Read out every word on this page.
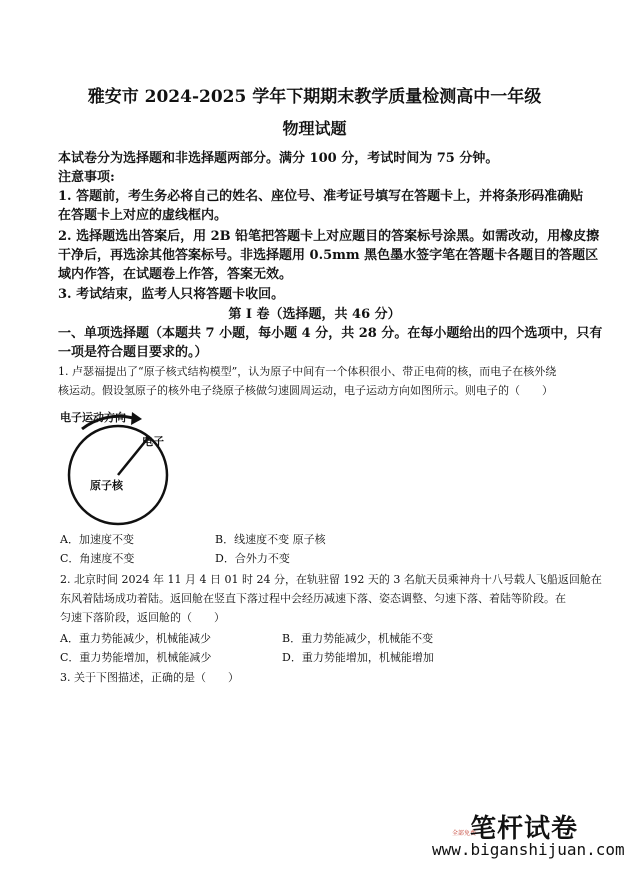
雅安市 2024-2025 学年下期期末教学质量检测高中一年级
物理试题
本试卷分为选择题和非选择题两部分。满分 100 分，考试时间为 75 分钟。
注意事项:
1. 答题前，考生务必将自己的姓名、座位号、准考证号填写在答题卡上，并将条形码准确贴
在答题卡上对应的虚线框内。
2. 选择题选出答案后，用 2B 铅笔把答题卡上对应题目的答案标号涂黑。如需改动，用橡皮擦
干净后，再选涂其他答案标号。非选择题用 0.5mm 黑色墨水签字笔在答题卡各题目的答题区
域内作答，在试题卷上作答，答案无效。
3. 考试结束，监考人只将答题卡收回。
第 I 卷（选择题，共 46 分）
一、单项选择题（本题共 7 小题，每小题 4 分，共 28 分。在每小题给出的四个选项中，只有
一项是符合题目要求的。）
1. 卢瑟福提出了“原子核式结构模型”，认为原子中间有一个体积很小、带正电荷的核，而电子在核外绕
核运动。假设氢原子的核外电子绕原子核做匀速圆周运动，电子运动方向如图所示。则电子的（　　）
电子运动方向
电子
原子核
A．加速度不变	B．线速度不变 原子核
C．角速度不变	D．合外力不变
2. 北京时间 2024 年 11 月 4 日 01 时 24 分，在轨驻留 192 天的 3 名航天员乘神舟十八号载人飞船返回舱在
东风着陆场成功着陆。返回舱在竖直下落过程中会经历减速下落、姿态调整、匀速下落、着陆等阶段。在
匀速下落阶段，返回舱的（　　）
A．重力势能减少，机械能减少	B．重力势能减少，机械能不变
C．重力势能增加，机械能减少	D．重力势能增加，机械能增加
3. 关于下图描述，正确的是（　　）
全部免费
笔杆试卷
www.biganshijuan.com
